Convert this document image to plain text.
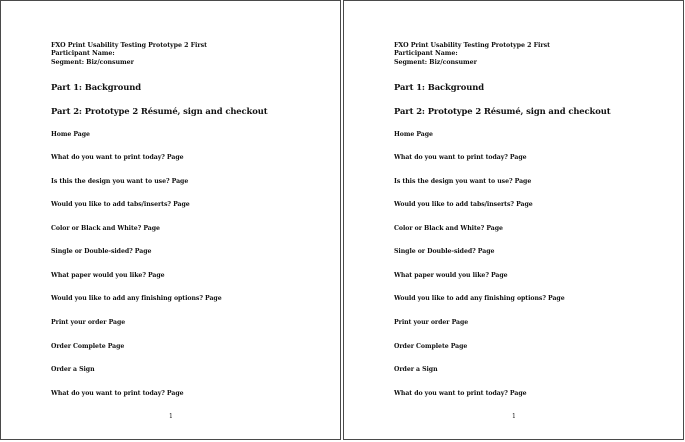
FXO Print Usability Testing Prototype 2 First
Participant Name:
Segment: Biz/consumer
Part 1: Background
Part 2: Prototype 2 Résumé, sign and checkout
Home Page
What do you want to print today? Page
Is this the design you want to use? Page
Would you like to add tabs/inserts? Page
Color or Black and White? Page
Single or Double-sided? Page
What paper would you like? Page
Would you like to add any finishing options? Page
Print your order Page
Order Complete Page
Order a Sign
What do you want to print today? Page
1
FXO Print Usability Testing Prototype 2 First
Participant Name:
Segment: Biz/consumer
Part 1: Background
Part 2: Prototype 2 Résumé, sign and checkout
Home Page
What do you want to print today? Page
Is this the design you want to use? Page
Would you like to add tabs/inserts? Page
Color or Black and White? Page
Single or Double-sided? Page
What paper would you like? Page
Would you like to add any finishing options? Page
Print your order Page
Order Complete Page
Order a Sign
What do you want to print today? Page
1
